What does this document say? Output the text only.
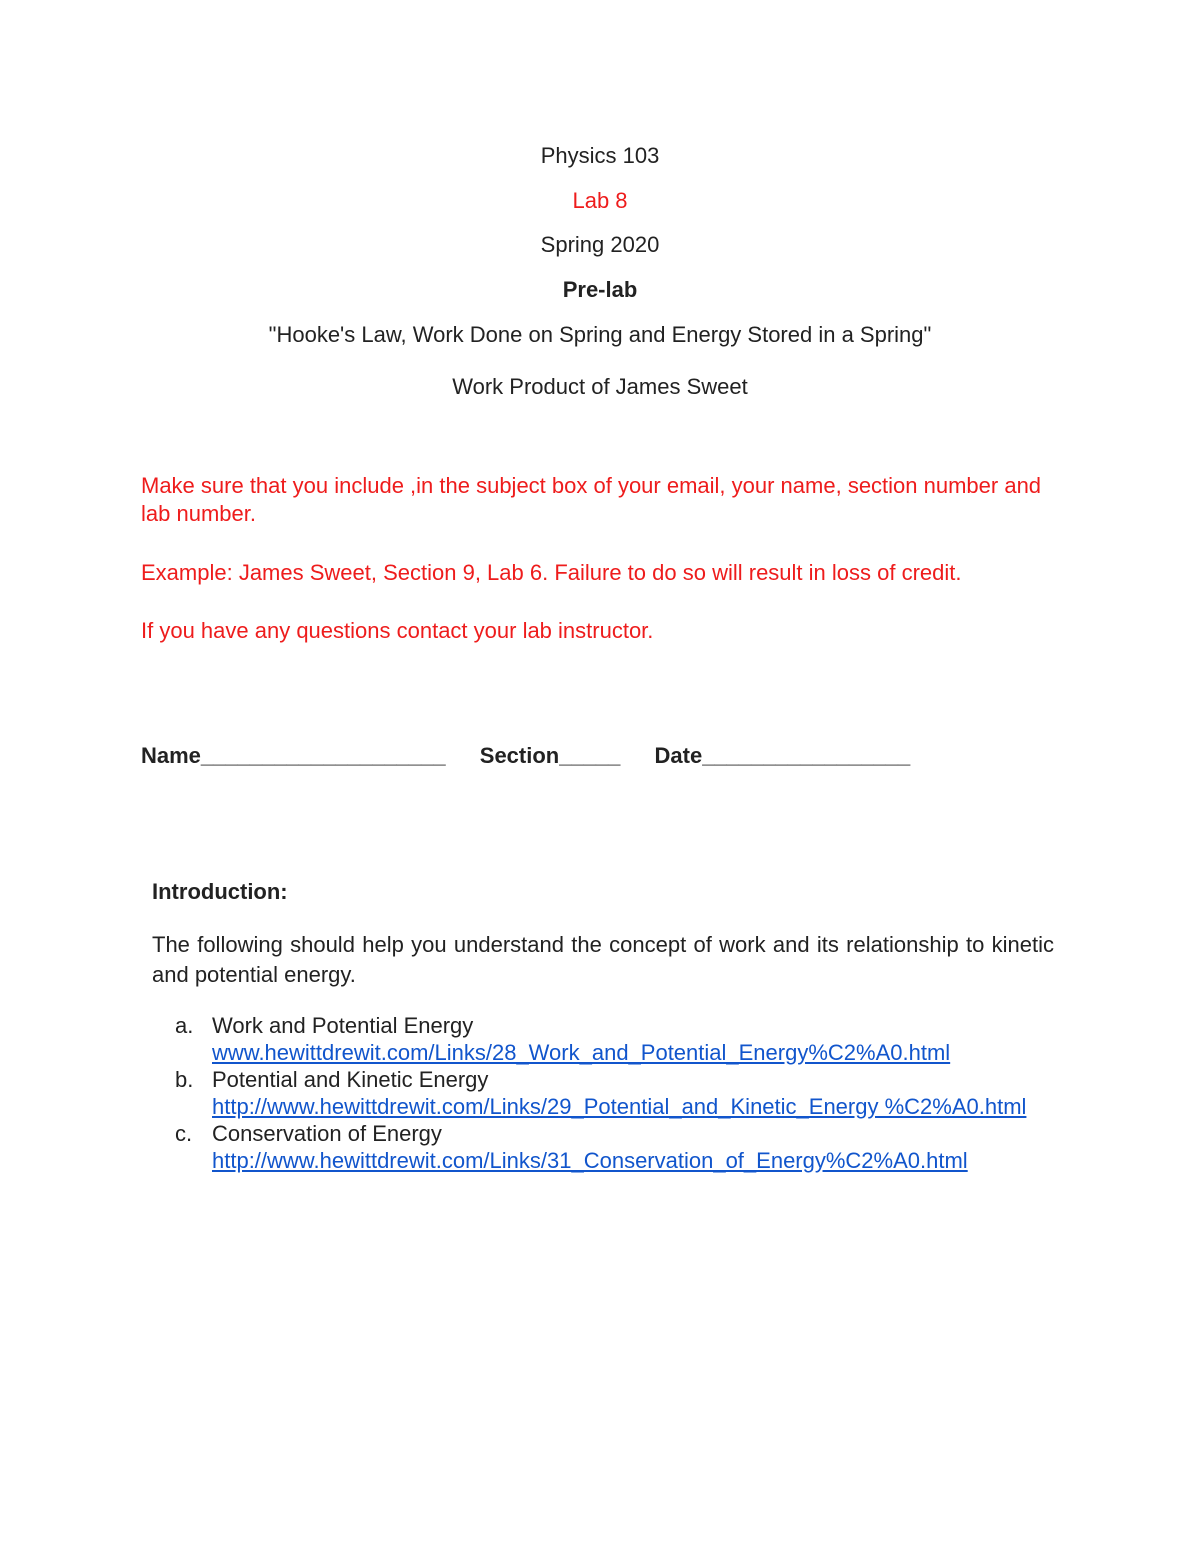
Physics 103
Lab 8
Spring 2020
Pre-lab
"Hooke's Law, Work Done on Spring and Energy Stored in a Spring"
Work Product of James Sweet
Make sure that you include ,in the subject box of your email, your name, section number and lab number.
Example: James Sweet, Section 9, Lab 6. Failure to do so will result in loss of credit.
If you have any questions contact your lab instructor.
Name____________________ Section_____ Date_________________
Introduction:
The following should help you understand the concept of work and its relationship to kinetic and potential energy.
a. Work and Potential Energy
www.hewittdrewit.com/Links/28_Work_and_Potential_Energy%C2%A0.html
b. Potential and Kinetic Energy
http://www.hewittdrewit.com/Links/29_Potential_and_Kinetic_Energy %C2%A0.html
c. Conservation of Energy
http://www.hewittdrewit.com/Links/31_Conservation_of_Energy%C2%A0.html
